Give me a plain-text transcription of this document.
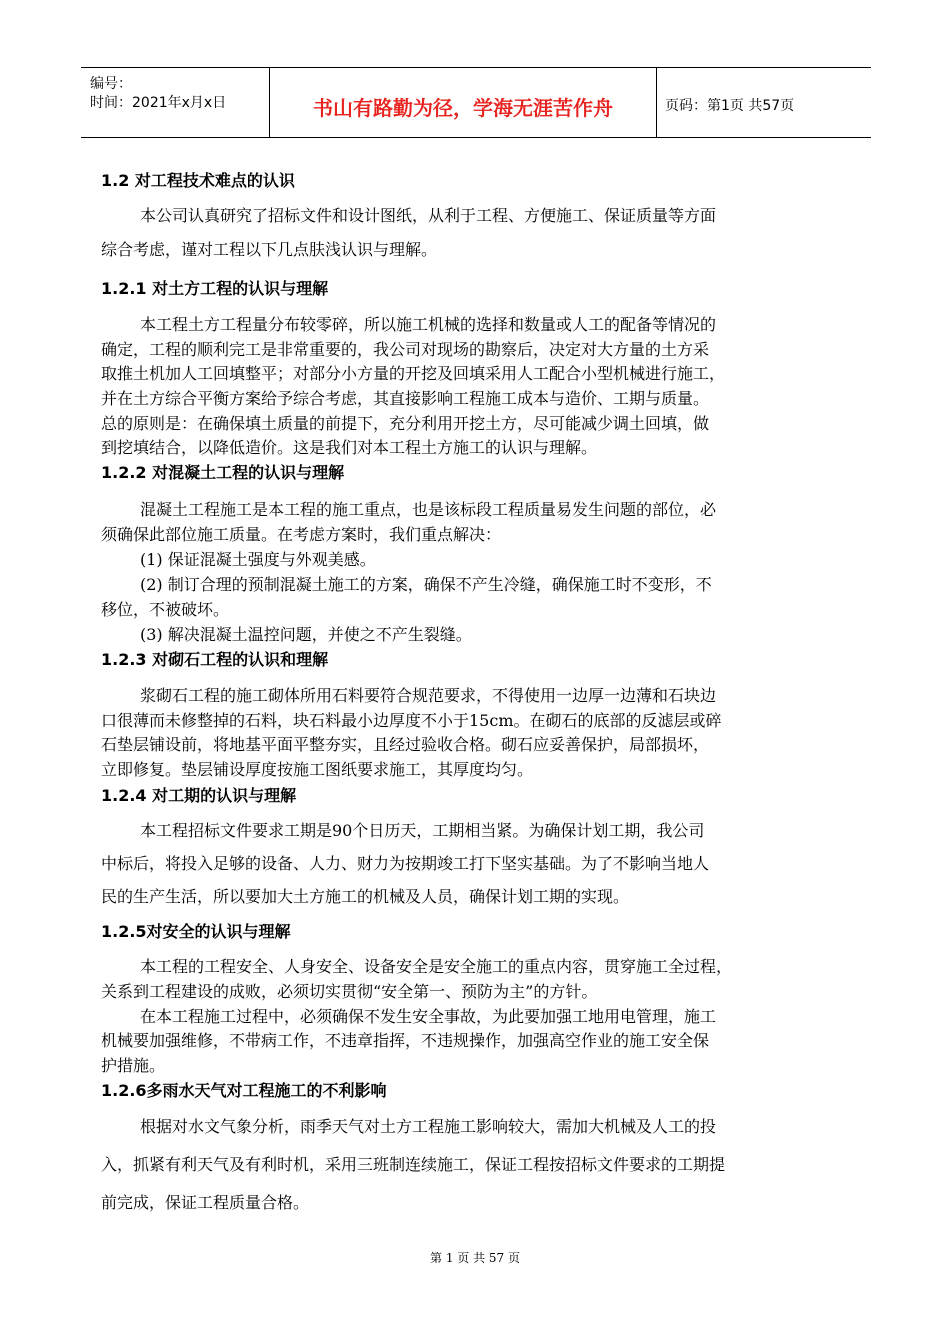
编号：
时间：2021年x月x日	书山有路勤为径，学海无涯苦作舟	页码：第1页 共57页
1.2 对工程技术难点的认识
本公司认真研究了招标文件和设计图纸，从利于工程、方便施工、保证质量等方面
综合考虑，谨对工程以下几点肤浅认识与理解。
1.2.1 对土方工程的认识与理解
本工程土方工程量分布较零碎，所以施工机械的选择和数量或人工的配备等情况的
确定，工程的顺利完工是非常重要的，我公司对现场的勘察后，决定对大方量的土方采
取推土机加人工回填整平；对部分小方量的开挖及回填采用人工配合小型机械进行施工，
并在土方综合平衡方案给予综合考虑，其直接影响工程施工成本与造价、工期与质量。
总的原则是：在确保填土质量的前提下，充分利用开挖土方，尽可能减少调土回填，做
到挖填结合，以降低造价。这是我们对本工程土方施工的认识与理解。
1.2.2 对混凝土工程的认识与理解
混凝土工程施工是本工程的施工重点，也是该标段工程质量易发生问题的部位，必
须确保此部位施工质量。在考虑方案时，我们重点解决：
(1) 保证混凝土强度与外观美感。
(2) 制订合理的预制混凝土施工的方案，确保不产生冷缝，确保施工时不变形，不
移位，不被破坏。
(3) 解决混凝土温控问题，并使之不产生裂缝。
1.2.3 对砌石工程的认识和理解
浆砌石工程的施工砌体所用石料要符合规范要求，不得使用一边厚一边薄和石块边
口很薄而未修整掉的石料，块石料最小边厚度不小于15cm。在砌石的底部的反滤层或碎
石垫层铺设前，将地基平面平整夯实，且经过验收合格。砌石应妥善保护，局部损坏，
立即修复。垫层铺设厚度按施工图纸要求施工，其厚度均匀。
1.2.4 对工期的认识与理解
本工程招标文件要求工期是90个日历天，工期相当紧。为确保计划工期，我公司
中标后，将投入足够的设备、人力、财力为按期竣工打下坚实基础。为了不影响当地人
民的生产生活，所以要加大土方施工的机械及人员，确保计划工期的实现。
1.2.5对安全的认识与理解
本工程的工程安全、人身安全、设备安全是安全施工的重点内容，贯穿施工全过程，
关系到工程建设的成败，必须切实贯彻“安全第一、预防为主”的方针。
在本工程施工过程中，必须确保不发生安全事故，为此要加强工地用电管理，施工
机械要加强维修，不带病工作，不违章指挥，不违规操作，加强高空作业的施工安全保
护措施。
1.2.6多雨水天气对工程施工的不利影响
根据对水文气象分析，雨季天气对土方工程施工影响较大，需加大机械及人工的投
入，抓紧有利天气及有利时机，采用三班制连续施工，保证工程按招标文件要求的工期提
前完成，保证工程质量合格。
第 1 页 共 57 页
